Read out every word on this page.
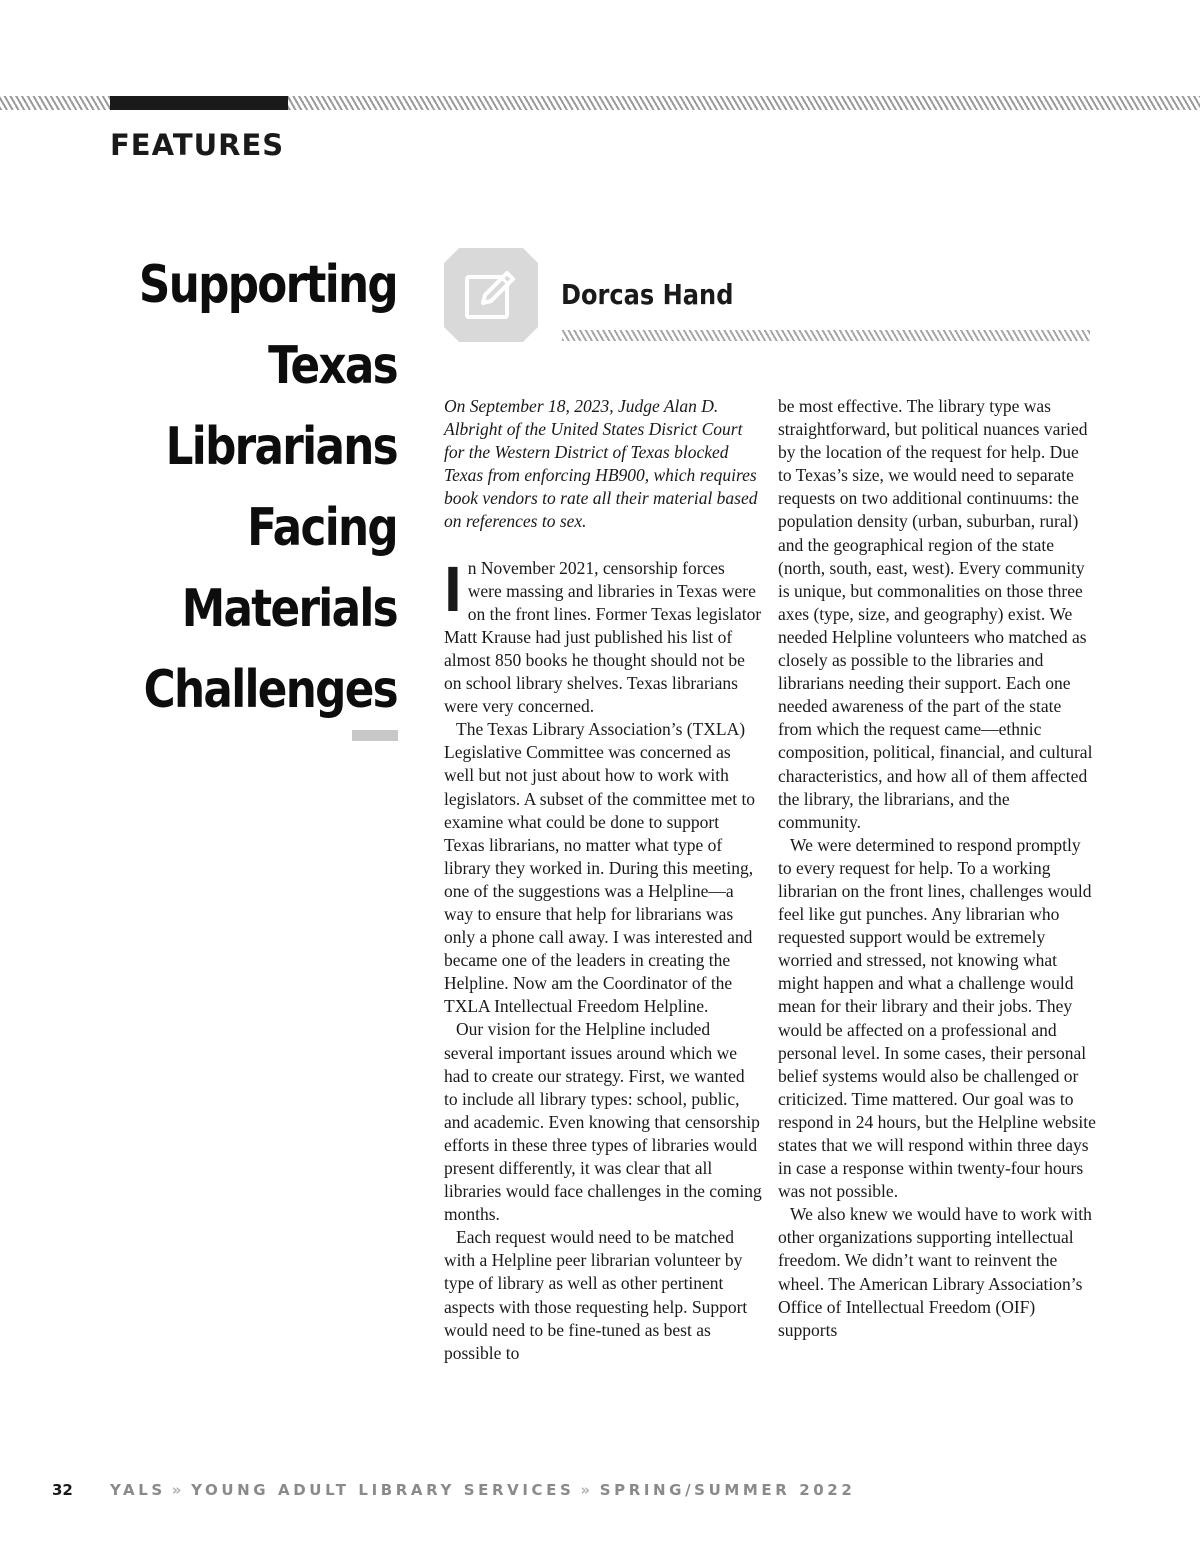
FEATURES
Supporting
Texas
Librarians
Facing
Materials
Challenges
Dorcas Hand

On September 18, 2023, Judge Alan D. Albright of the United States Disrict Court for the Western District of Texas blocked Texas from enforcing HB900, which requires book vendors to rate all their material based on references to sex.

In November 2021, censorship forces were massing and libraries in Texas were on the front lines. Former Texas legislator Matt Krause had just published his list of almost 850 books he thought should not be on school library shelves. Texas librarians were very concerned.

The Texas Library Association’s (TXLA) Legislative Committee was concerned as well but not just about how to work with legislators. A subset of the committee met to examine what could be done to support Texas librarians, no matter what type of library they worked in. During this meeting, one of the suggestions was a Helpline—a way to ensure that help for librarians was only a phone call away. I was interested and became one of the leaders in creating the Helpline. Now am the Coordinator of the TXLA Intellectual Freedom Helpline.

Our vision for the Helpline included several important issues around which we had to create our strategy. First, we wanted to include all library types: school, public, and academic. Even knowing that censorship efforts in these three types of libraries would present differently, it was clear that all libraries would face challenges in the coming months.

Each request would need to be matched with a Helpline peer librarian volunteer by type of library as well as other pertinent aspects with those requesting help. Support would need to be fine-tuned as best as possible to

be most effective. The library type was straightforward, but political nuances varied by the location of the request for help. Due to Texas’s size, we would need to separate requests on two additional continuums: the population density (urban, suburban, rural) and the geographical region of the state (north, south, east, west). Every community is unique, but commonalities on those three axes (type, size, and geography) exist. We needed Helpline volunteers who matched as closely as possible to the libraries and librarians needing their support. Each one needed awareness of the part of the state from which the request came—ethnic composition, political, financial, and cultural characteristics, and how all of them affected the library, the librarians, and the community.

We were determined to respond promptly to every request for help. To a working librarian on the front lines, challenges would feel like gut punches. Any librarian who requested support would be extremely worried and stressed, not knowing what might happen and what a challenge would mean for their library and their jobs. They would be affected on a professional and personal level. In some cases, their personal belief systems would also be challenged or criticized. Time mattered. Our goal was to respond in 24 hours, but the Helpline website states that we will respond within three days in case a response within twenty-four hours was not possible.

We also knew we would have to work with other organizations supporting intellectual freedom. We didn’t want to reinvent the wheel. The American Library Association’s Office of Intellectual Freedom (OIF) supports

32 YALS » YOUNG ADULT LIBRARY SERVICES » SPRING/SUMMER 2022
